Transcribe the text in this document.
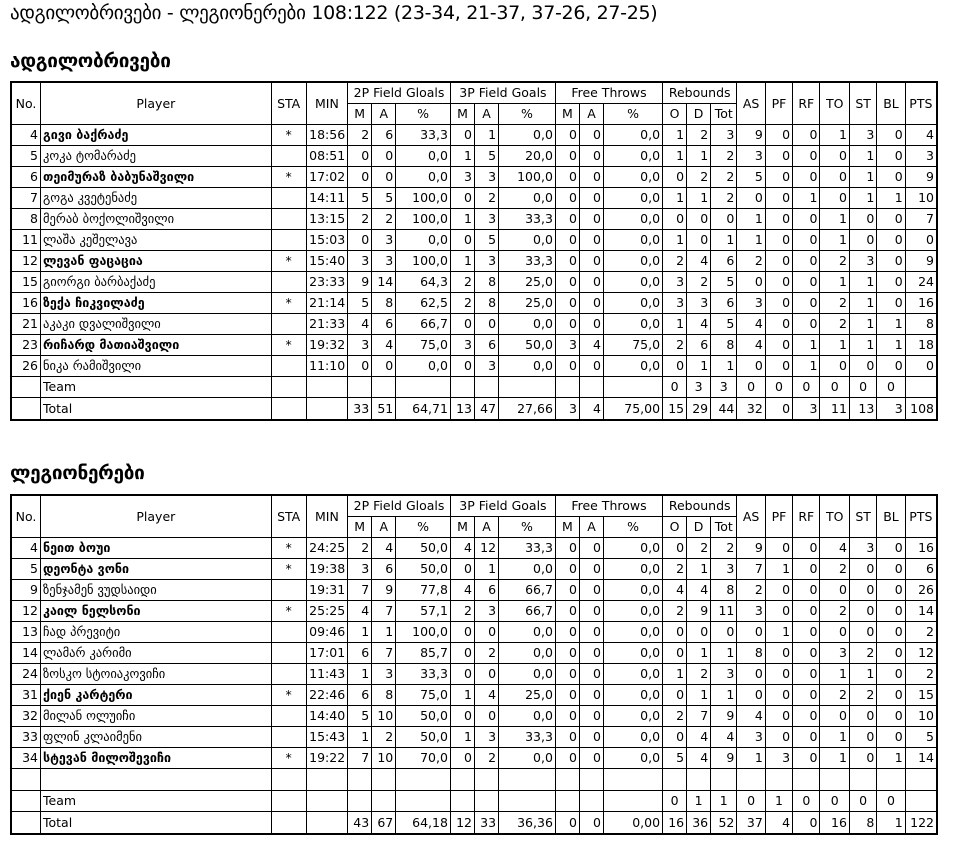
ადგილობრივები - ლეგიონერები 108:122 (23-34, 21-37, 37-26, 27-25)
ადგილობრივები
No.	Player	STA	MIN	2P Field Gloals			3P Field Goals			Free Throws			Rebounds			AS	PF	RF	TO	ST	BL	PTS
				M	A	%	M	A	%	M	A	%	O	D	Tot							
4	გივი ბაქრაძე	*	18:56	2	6	33,3	0	1	0,0	0	0	0,0	1	2	3	9	0	0	1	3	0	4
5	კოკა ტომარაძე		08:51	0	0	0,0	1	5	20,0	0	0	0,0	1	1	2	3	0	0	0	1	0	3
6	თეიმურაზ ბაბუნაშვილი	*	17:02	0	0	0,0	3	3	100,0	0	0	0,0	0	2	2	5	0	0	0	1	0	9
7	გოგა კვეტენაძე		14:11	5	5	100,0	0	2	0,0	0	0	0,0	1	1	2	0	0	1	0	1	1	10
8	მერაბ ბოქოლიშვილი		13:15	2	2	100,0	1	3	33,3	0	0	0,0	0	0	0	1	0	0	1	0	0	7
11	ლაშა კეშელავა		15:03	0	3	0,0	0	5	0,0	0	0	0,0	1	0	1	1	0	0	1	0	0	0
12	ლევან ფაცაცია	*	15:40	3	3	100,0	1	3	33,3	0	0	0,0	2	4	6	2	0	0	2	3	0	9
15	გიორგი ბარბაქაძე		23:33	9	14	64,3	2	8	25,0	0	0	0,0	3	2	5	0	0	0	1	1	0	24
16	ზექა ჩიკვილაძე	*	21:14	5	8	62,5	2	8	25,0	0	0	0,0	3	3	6	3	0	0	2	1	0	16
21	აკაკი დვალიშვილი		21:33	4	6	66,7	0	0	0,0	0	0	0,0	1	4	5	4	0	0	2	1	1	8
23	რიჩარდ მათიაშვილი	*	19:32	3	4	75,0	3	6	50,0	3	4	75,0	2	6	8	4	0	1	1	1	1	18
26	ნიკა რამიშვილი		11:10	0	0	0,0	0	3	0,0	0	0	0,0	0	1	1	0	0	1	0	0	0	0
	Team												0	3	3	0	0	0	0	0	0	
	Total			33	51	64,71	13	47	27,66	3	4	75,00	15	29	44	32	0	3	11	13	3	108
ლეგიონერები
No.	Player	STA	MIN	2P Field Gloals			3P Field Goals			Free Throws			Rebounds			AS	PF	RF	TO	ST	BL	PTS
				M	A	%	M	A	%	M	A	%	O	D	Tot							
4	ნეით ბოუი	*	24:25	2	4	50,0	4	12	33,3	0	0	0,0	0	2	2	9	0	0	4	3	0	16
5	დეონტა ვონი	*	19:38	3	6	50,0	0	1	0,0	0	0	0,0	2	1	3	7	1	0	2	0	0	6
9	ზენჯამენ ვუდსაიდი		19:31	7	9	77,8	4	6	66,7	0	0	0,0	4	4	8	2	0	0	0	0	0	26
12	კაილ ნელსონი	*	25:25	4	7	57,1	2	3	66,7	0	0	0,0	2	9	11	3	0	0	2	0	0	14
13	ჩად პრევიტი		09:46	1	1	100,0	0	0	0,0	0	0	0,0	0	0	0	0	1	0	0	0	0	2
14	ლამარ კარიმი		17:01	6	7	85,7	0	2	0,0	0	0	0,0	0	1	1	8	0	0	3	2	0	12
24	ზოსკო სტოიაკოვიჩი		11:43	1	3	33,3	0	0	0,0	0	0	0,0	1	2	3	0	0	0	1	1	0	2
31	ქიენ კარტერი	*	22:46	6	8	75,0	1	4	25,0	0	0	0,0	0	1	1	0	0	0	2	2	0	15
32	მილან ოლუიჩი		14:40	5	10	50,0	0	0	0,0	0	0	0,0	2	7	9	4	0	0	0	0	0	10
33	ფლინ კლაიმენი		15:43	1	2	50,0	1	3	33,3	0	0	0,0	0	4	4	3	0	0	1	0	0	5
34	სტევან მილოშევიჩი	*	19:22	7	10	70,0	0	2	0,0	0	0	0,0	5	4	9	1	3	0	1	0	1	14

	Team												0	1	1	0	1	0	0	0	0	
	Total			43	67	64,18	12	33	36,36	0	0	0,00	16	36	52	37	4	0	16	8	1	122
